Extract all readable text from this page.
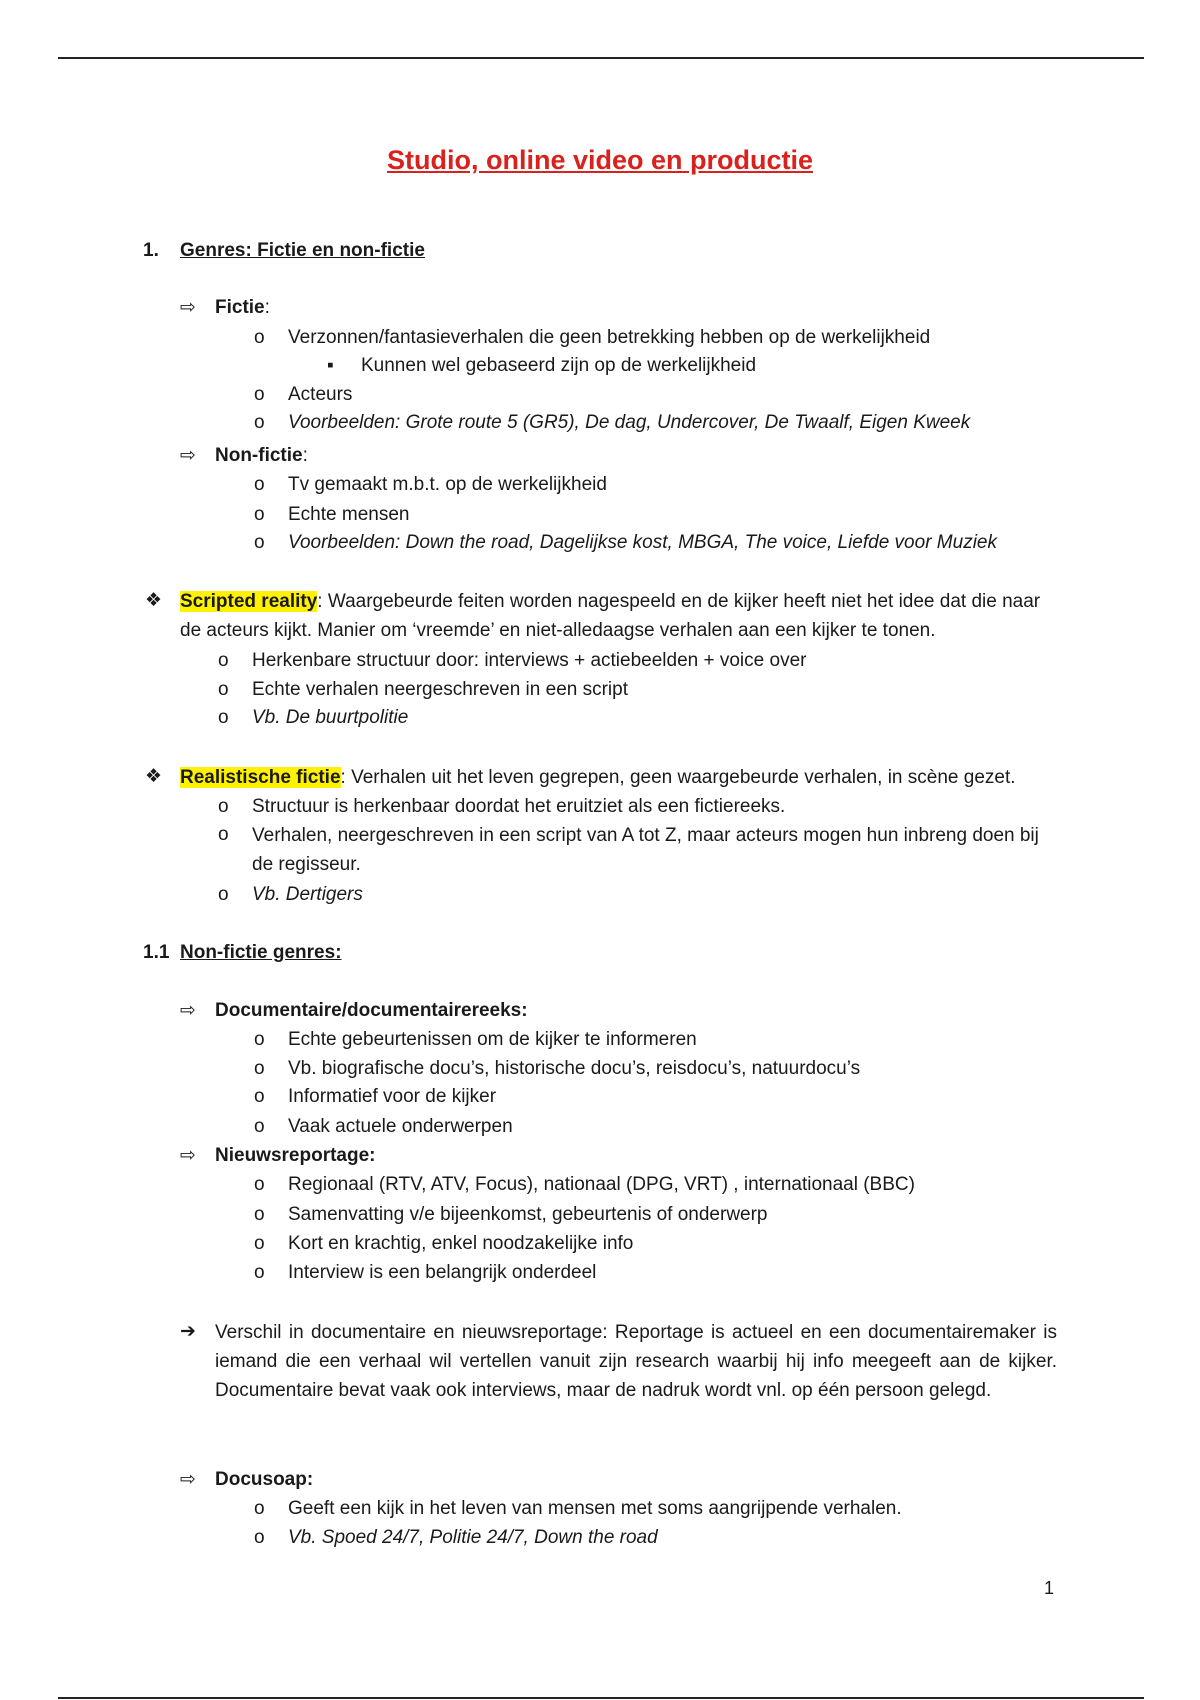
Studio, online video en productie
1. Genres: Fictie en non-fictie
⇨ Fictie:
o Verzonnen/fantasieverhalen die geen betrekking hebben op de werkelijkheid
▪ Kunnen wel gebaseerd zijn op de werkelijkheid
o Acteurs
o Voorbeelden: Grote route 5 (GR5), De dag, Undercover, De Twaalf, Eigen Kweek
⇨ Non-fictie:
o Tv gemaakt m.b.t. op de werkelijkheid
o Echte mensen
o Voorbeelden: Down the road, Dagelijkse kost, MBGA, The voice, Liefde voor Muziek
❖ Scripted reality: Waargebeurde feiten worden nagespeeld en de kijker heeft niet het idee dat die naar de acteurs kijkt. Manier om ‘vreemde’ en niet-alledaagse verhalen aan een kijker te tonen.
o Herkenbare structuur door: interviews + actiebeelden + voice over
o Echte verhalen neergeschreven in een script
o Vb. De buurtpolitie
❖ Realistische fictie: Verhalen uit het leven gegrepen, geen waargebeurde verhalen, in scène gezet.
o Structuur is herkenbaar doordat het eruitziet als een fictiereeks.
o Verhalen, neergeschreven in een script van A tot Z, maar acteurs mogen hun inbreng doen bij de regisseur.
o Vb. Dertigers
1.1 Non-fictie genres:
⇨ Documentaire/documentairereeks:
o Echte gebeurtenissen om de kijker te informeren
o Vb. biografische docu’s, historische docu’s, reisdocu’s, natuurdocu’s
o Informatief voor de kijker
o Vaak actuele onderwerpen
⇨ Nieuwsreportage:
o Regionaal (RTV, ATV, Focus), nationaal (DPG, VRT) , internationaal (BBC)
o Samenvatting v/e bijeenkomst, gebeurtenis of onderwerp
o Kort en krachtig, enkel noodzakelijke info
o Interview is een belangrijk onderdeel
➔ Verschil in documentaire en nieuwsreportage: Reportage is actueel en een documentairemaker is iemand die een verhaal wil vertellen vanuit zijn research waarbij hij info meegeeft aan de kijker. Documentaire bevat vaak ook interviews, maar de nadruk wordt vnl. op één persoon gelegd.
⇨ Docusoap:
o Geeft een kijk in het leven van mensen met soms aangrijpende verhalen.
o Vb. Spoed 24/7, Politie 24/7, Down the road
1
